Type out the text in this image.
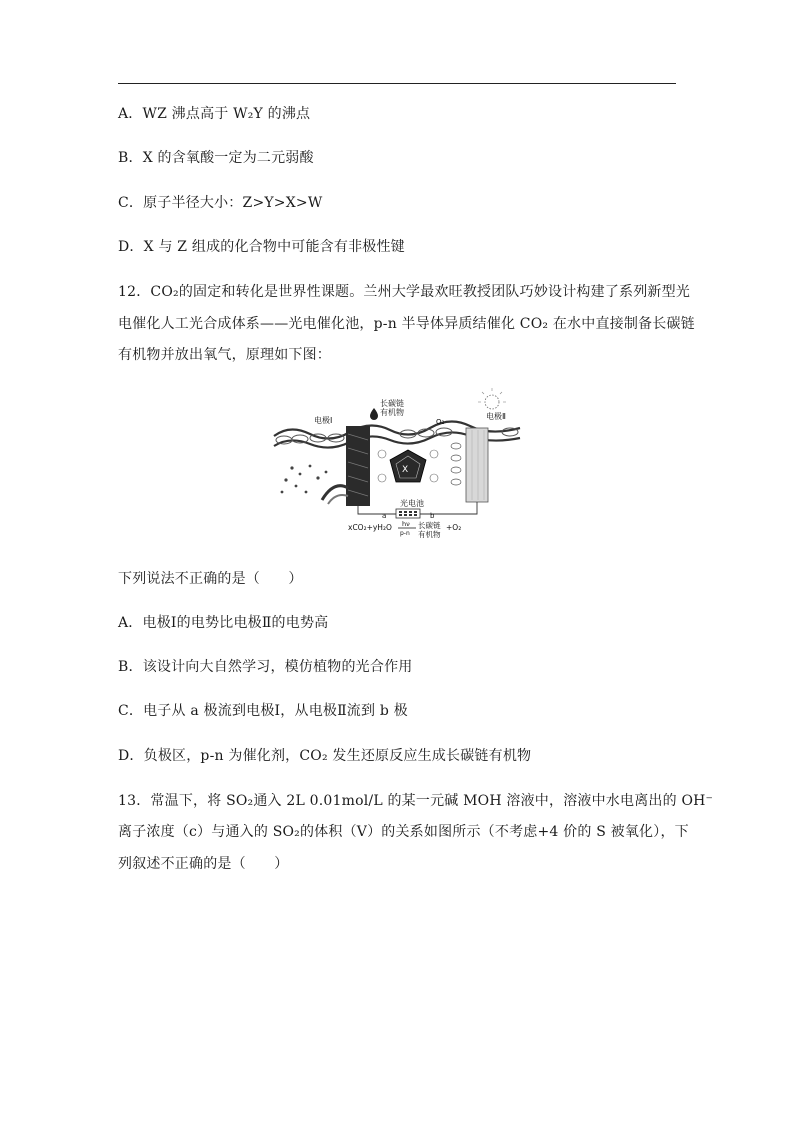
A．WZ 沸点高于 W₂Y 的沸点
B．X 的含氧酸一定为二元弱酸
C．原子半径大小：Z>Y>X>W
D．X 与 Z 组成的化合物中可能含有非极性键
12．CO₂的固定和转化是世界性课题。兰州大学最欢旺教授团队巧妙设计构建了系列新型光
电催化人工光合成体系——光电催化池，p-n 半导体异质结催化 CO₂ 在水中直接制备长碳链
有机物并放出氧气，原理如下图：
X
电极Ⅰ
长碳链
有机物
O₂
电极Ⅱ
光电池
a	b
xCO₂+yH₂O hν
p-n
长碳链
有机物
+O₂
下列说法不正确的是（　　）
A．电极Ⅰ的电势比电极Ⅱ的电势高
B．该设计向大自然学习，模仿植物的光合作用
C．电子从 a 极流到电极Ⅰ，从电极Ⅱ流到 b 极
D．负极区，p-n 为催化剂，CO₂ 发生还原反应生成长碳链有机物
13．常温下，将 SO₂通入 2L 0.01mol/L 的某一元碱 MOH 溶液中，溶液中水电离出的 OH⁻
离子浓度（c）与通入的 SO₂的体积（V）的关系如图所示（不考虑+4 价的 S 被氧化），下
列叙述不正确的是（　　）
